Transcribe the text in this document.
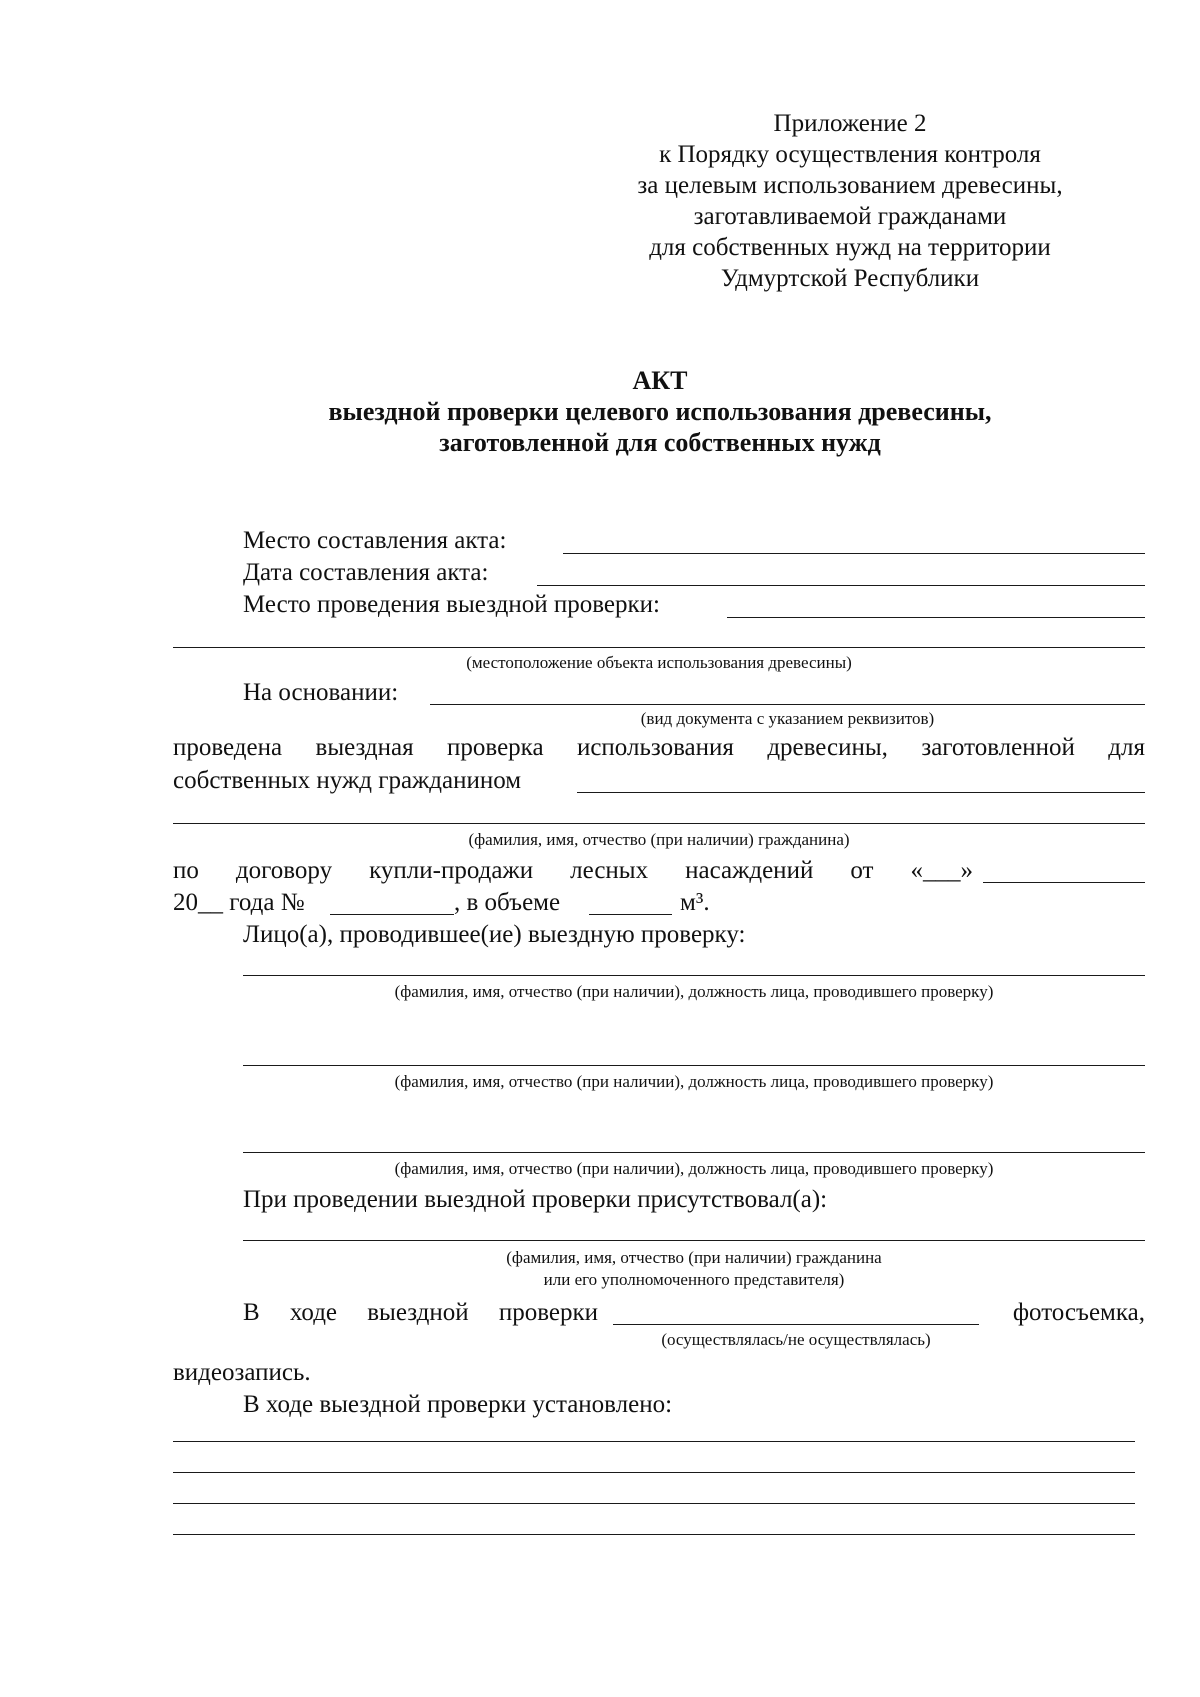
Приложение 2
к Порядку осуществления контроля
за целевым использованием древесины,
заготавливаемой гражданами
для собственных нужд на территории
Удмуртской Республики
АКТ
выездной проверки целевого использования древесины,
заготовленной для собственных нужд
Место составления акта:
Дата составления акта:
Место проведения выездной проверки:
(местоположение объекта использования древесины)
На основании:
(вид документа с указанием реквизитов)
проведена выездная проверка использования древесины, заготовленной для
собственных нужд гражданином
(фамилия, имя, отчество (при наличии) гражданина)
по договору купли-продажи лесных насаждений от «___»
20__ года №	, в объеме	м³.
Лицо(а), проводившее(ие) выездную проверку:
(фамилия, имя, отчество (при наличии), должность лица, проводившего проверку)
(фамилия, имя, отчество (при наличии), должность лица, проводившего проверку)
(фамилия, имя, отчество (при наличии), должность лица, проводившего проверку)
При проведении выездной проверки присутствовал(а):
(фамилия, имя, отчество (при наличии) гражданина
или его уполномоченного представителя)
В ходе выездной проверки	фотосъемка,
(осуществлялась/не осуществлялась)
видеозапись.
В ходе выездной проверки установлено:
